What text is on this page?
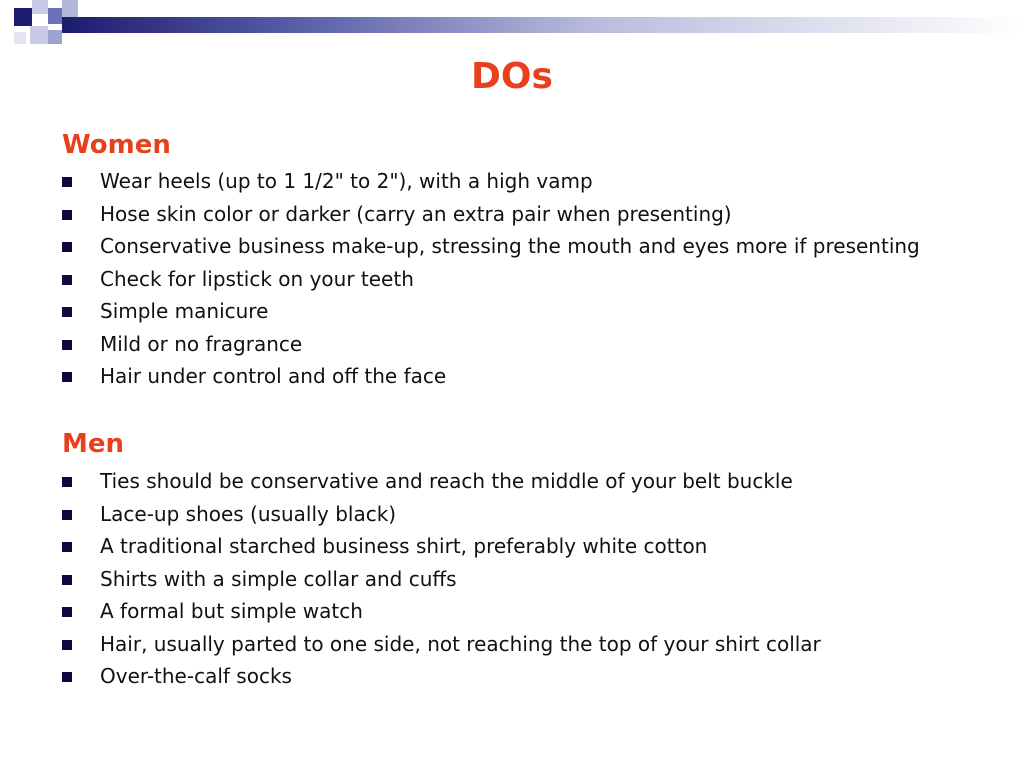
DOs
Women
Wear heels (up to 1 1/2" to 2"), with a high vamp
Hose skin color or darker (carry an extra pair when presenting)
Conservative business make-up, stressing the mouth and eyes more if presenting
Check for lipstick on your teeth
Simple manicure
Mild or no fragrance
Hair under control and off the face
Men
Ties should be conservative and reach the middle of your belt buckle
Lace-up shoes (usually black)
A traditional starched business shirt, preferably white cotton
Shirts with a simple collar and cuffs
A formal but simple watch
Hair, usually parted to one side, not reaching the top of your shirt collar
Over-the-calf socks
